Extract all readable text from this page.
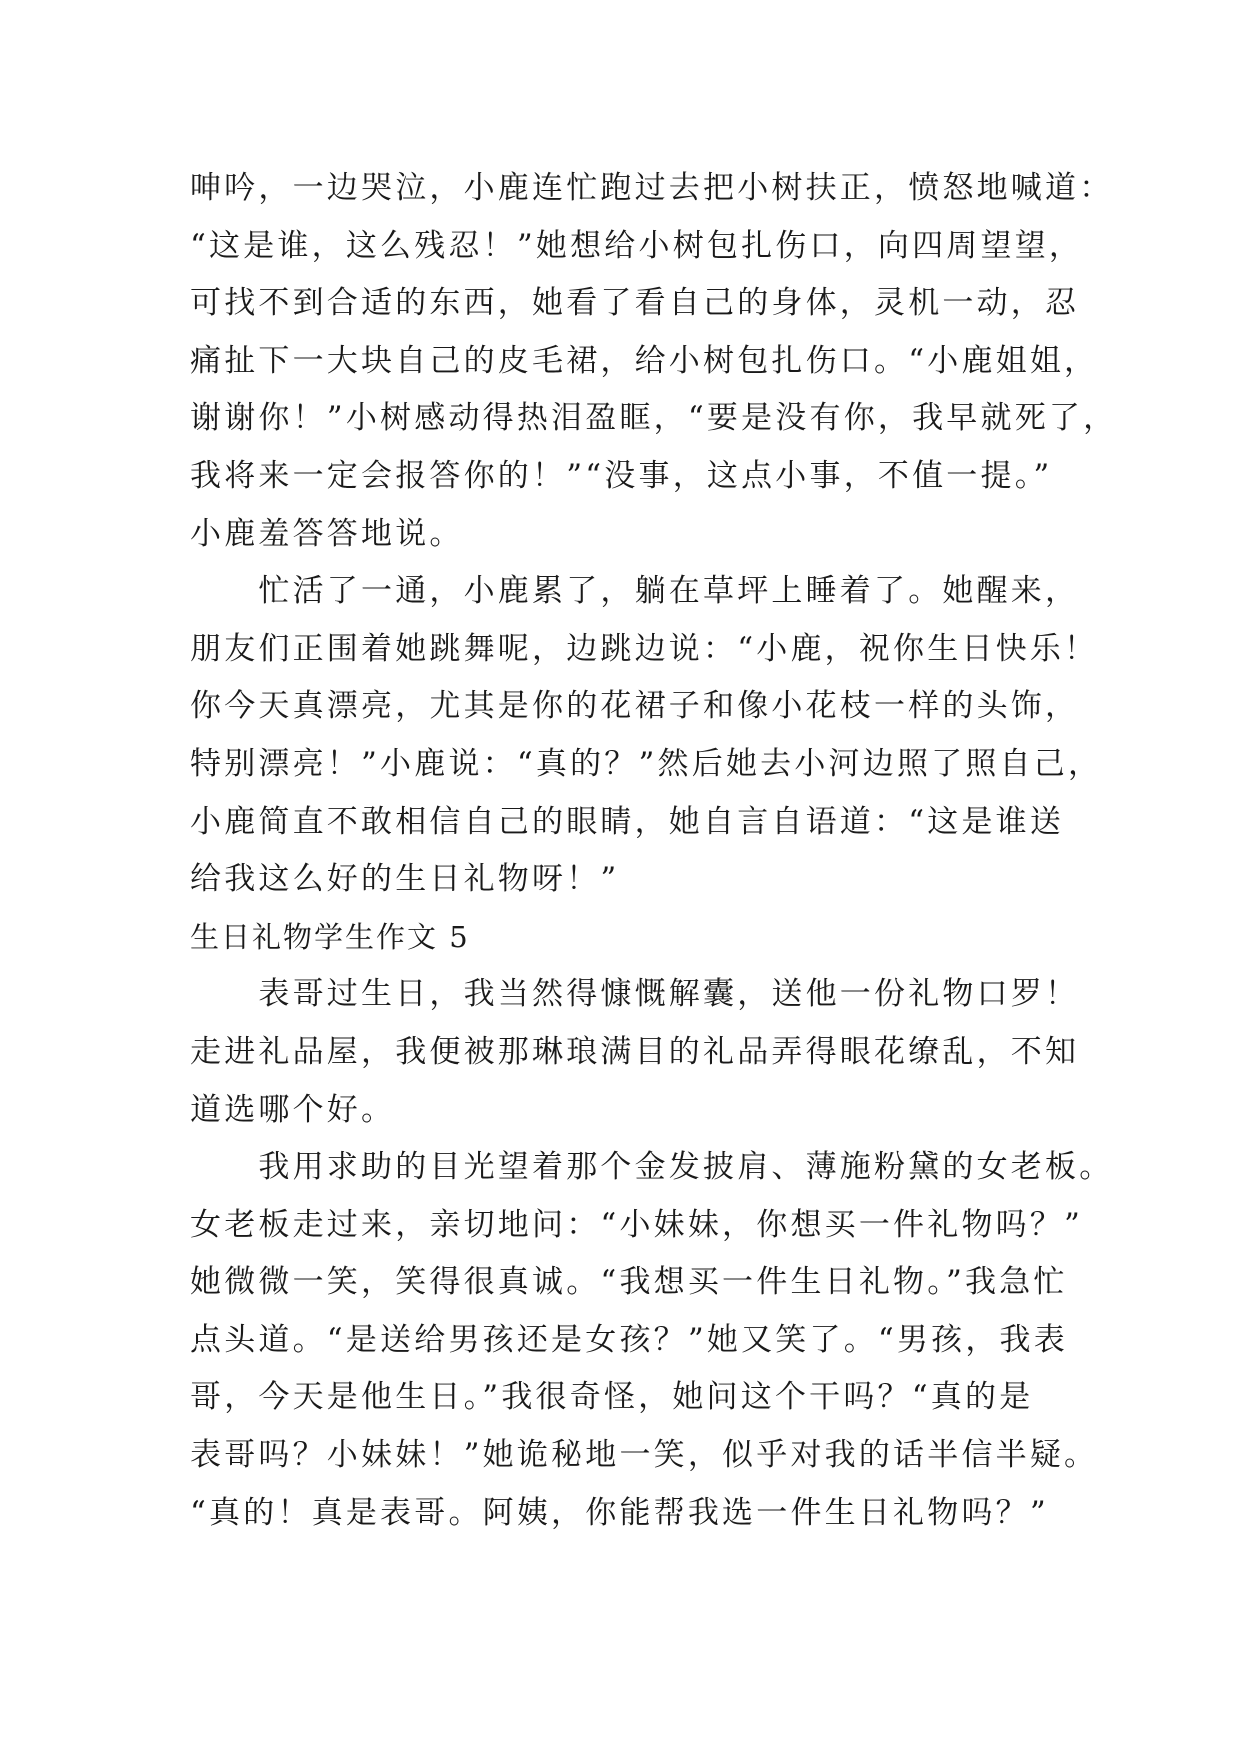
呻吟，一边哭泣，小鹿连忙跑过去把小树扶正，愤怒地喊道：
“这是谁，这么残忍！”她想给小树包扎伤口，向四周望望，
可找不到合适的东西，她看了看自己的身体，灵机一动，忍
痛扯下一大块自己的皮毛裙，给小树包扎伤口。“小鹿姐姐，
谢谢你！”小树感动得热泪盈眶，“要是没有你，我早就死了，
我将来一定会报答你的！”“没事，这点小事，不值一提。”
小鹿羞答答地说。
　　忙活了一通，小鹿累了，躺在草坪上睡着了。她醒来，
朋友们正围着她跳舞呢，边跳边说：“小鹿，祝你生日快乐！
你今天真漂亮，尤其是你的花裙子和像小花枝一样的头饰，
特别漂亮！”小鹿说：“真的？”然后她去小河边照了照自己，
小鹿简直不敢相信自己的眼睛，她自言自语道：“这是谁送
给我这么好的生日礼物呀！”
生日礼物学生作文 5
　　表哥过生日，我当然得慷慨解囊，送他一份礼物口罗！
走进礼品屋，我便被那琳琅满目的礼品弄得眼花缭乱，不知
道选哪个好。
　　我用求助的目光望着那个金发披肩、薄施粉黛的女老板。
女老板走过来，亲切地问：“小妹妹，你想买一件礼物吗？”
她微微一笑，笑得很真诚。“我想买一件生日礼物。”我急忙
点头道。“是送给男孩还是女孩？”她又笑了。“男孩，我表
哥，今天是他生日。”我很奇怪，她问这个干吗？“真的是
表哥吗？小妹妹！”她诡秘地一笑，似乎对我的话半信半疑。
“真的！真是表哥。阿姨，你能帮我选一件生日礼物吗？”
